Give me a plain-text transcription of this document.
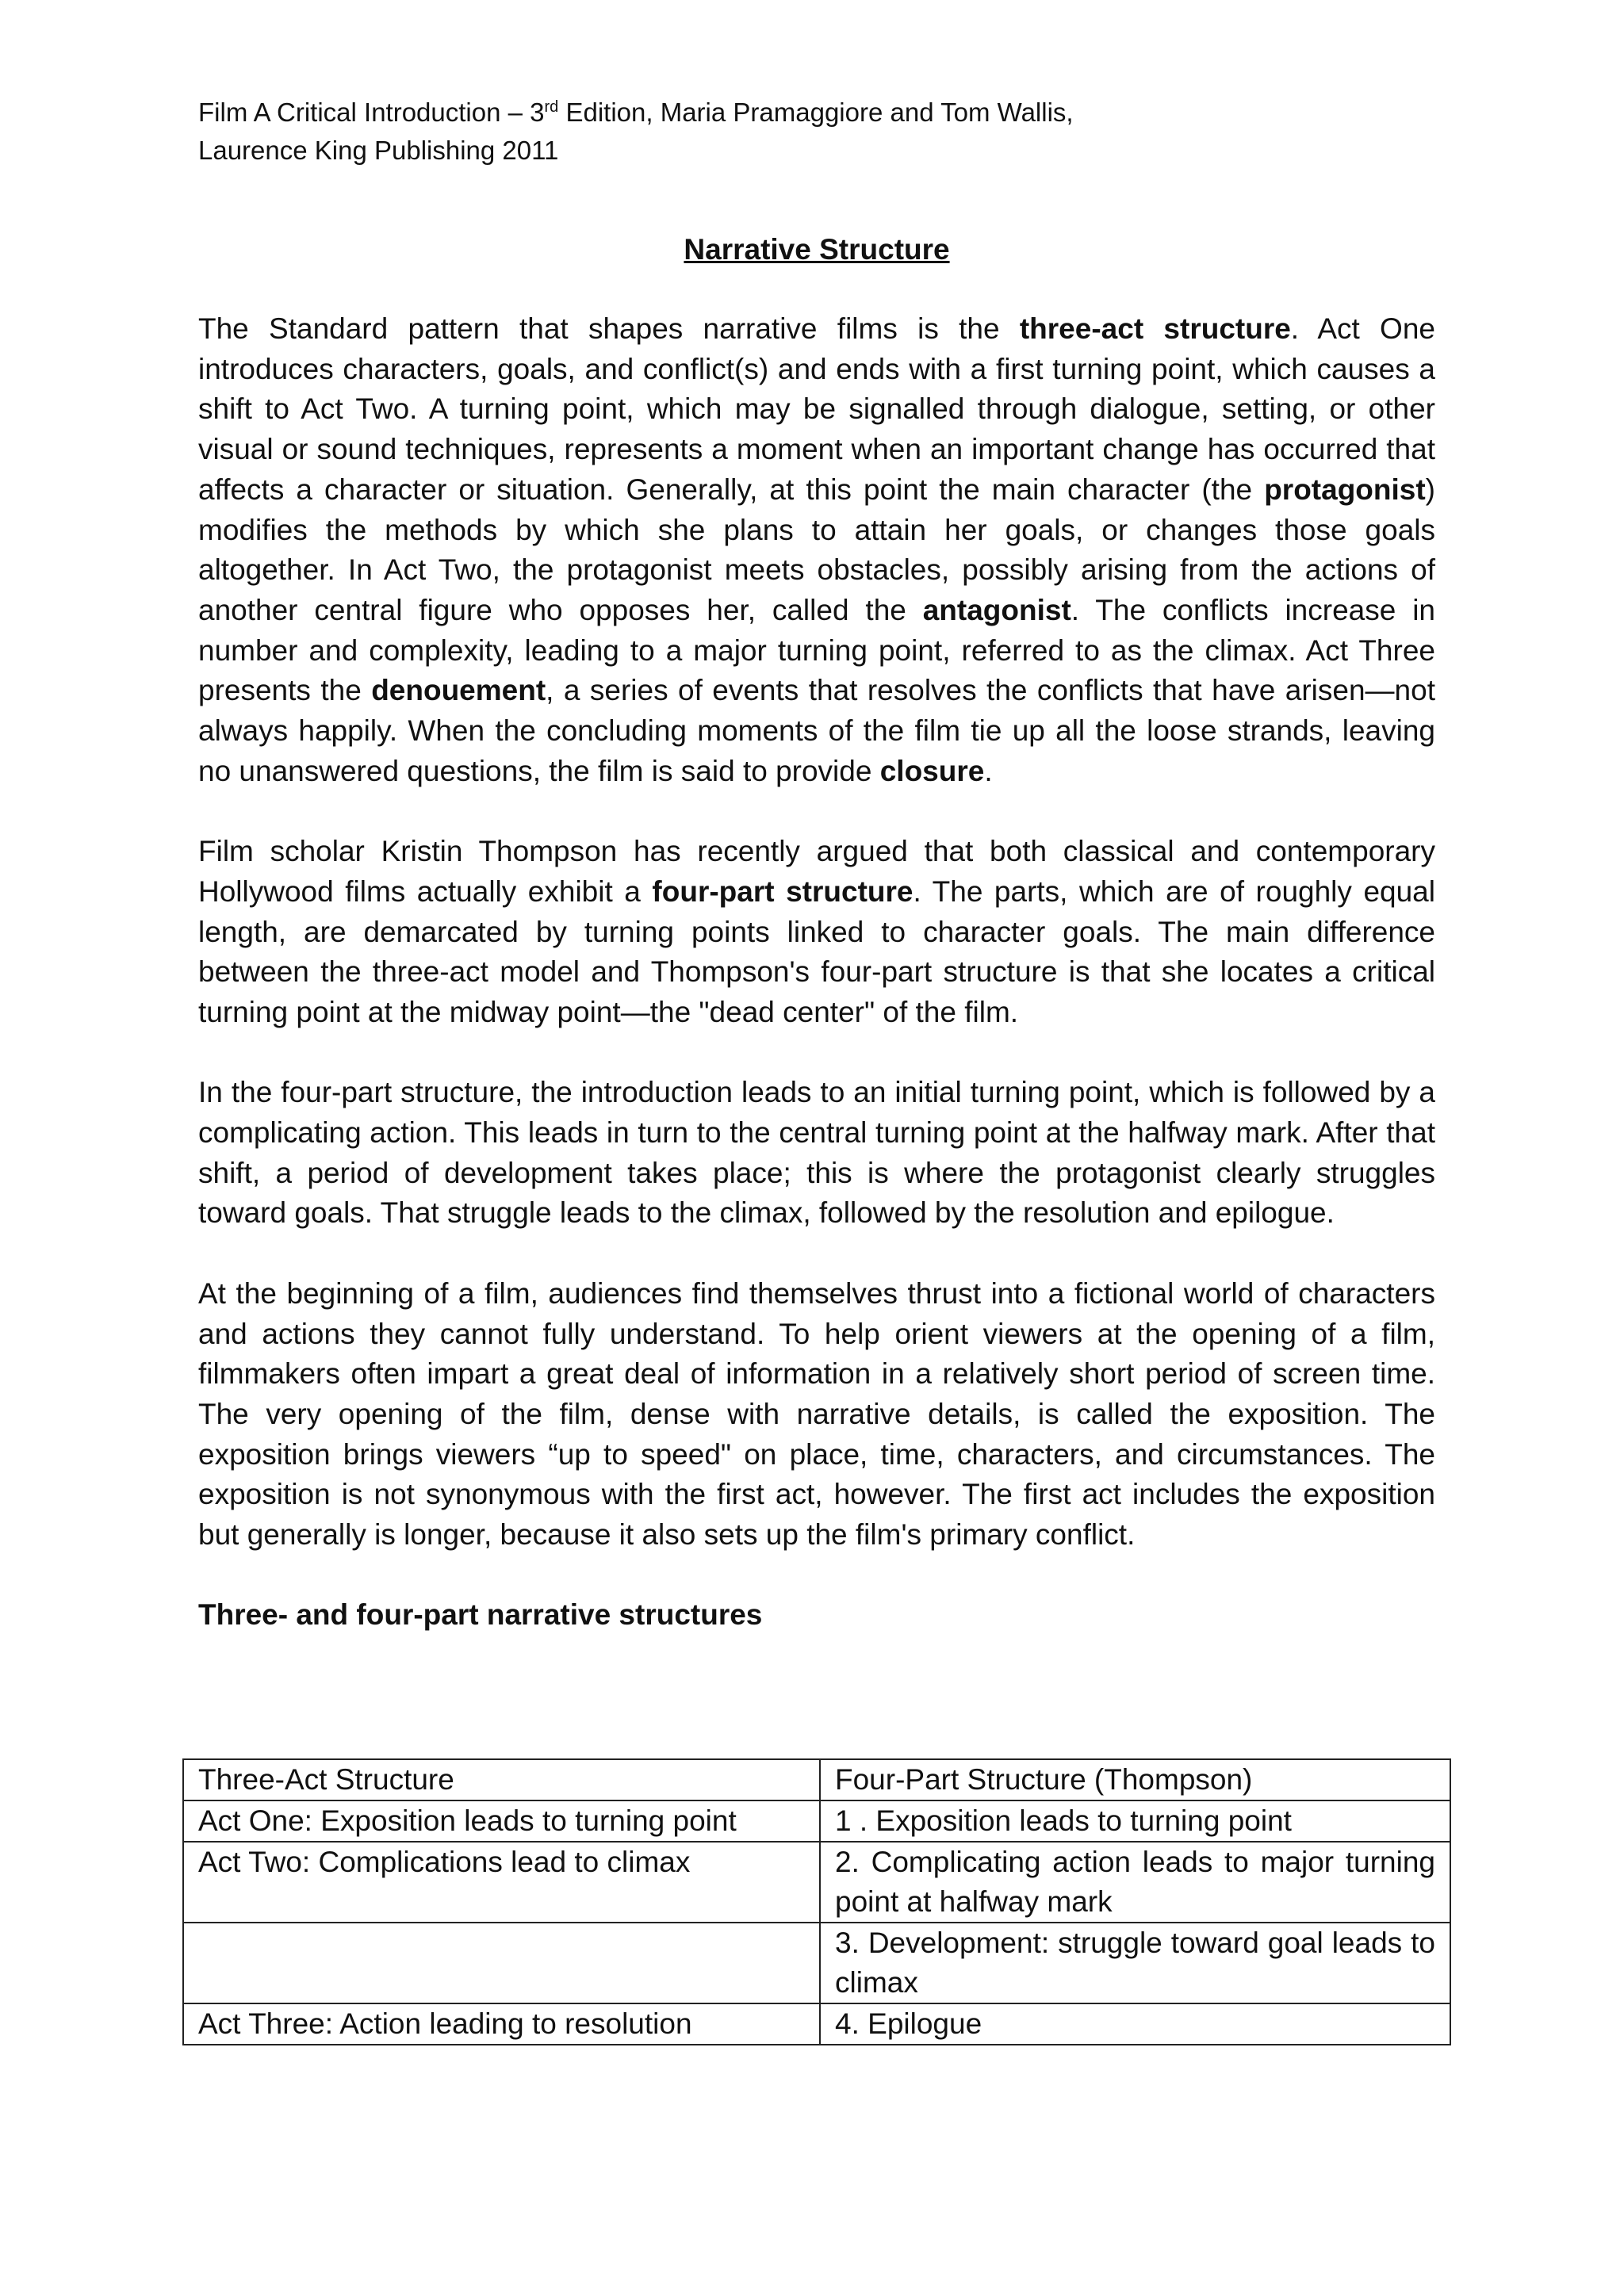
Film A Critical Introduction – 3rd Edition, Maria Pramaggiore and Tom Wallis,
Laurence King Publishing 2011

Narrative Structure

The Standard pattern that shapes narrative films is the three-act structure. Act One introduces characters, goals, and conflict(s) and ends with a first turning point, which causes a shift to Act Two. A turning point, which may be signalled through dialogue, setting, or other visual or sound techniques, represents a moment when an important change has occurred that affects a character or situation. Generally, at this point the main character (the protagonist) modifies the methods by which she plans to attain her goals, or changes those goals altogether. In Act Two, the protagonist meets obstacles, possibly arising from the actions of another central figure who opposes her, called the antagonist. The conflicts increase in number and complexity, leading to a major turning point, referred to as the climax. Act Three presents the denouement, a series of events that resolves the conflicts that have arisen—not always happily. When the concluding moments of the film tie up all the loose strands, leaving no unanswered questions, the film is said to provide closure.

Film scholar Kristin Thompson has recently argued that both classical and contemporary Hollywood films actually exhibit a four-part structure. The parts, which are of roughly equal length, are demarcated by turning points linked to character goals. The main difference between the three-act model and Thompson's four-part structure is that she locates a critical turning point at the midway point—the "dead center" of the film.

In the four-part structure, the introduction leads to an initial turning point, which is followed by a complicating action. This leads in turn to the central turning point at the halfway mark. After that shift, a period of development takes place; this is where the protagonist clearly struggles toward goals. That struggle leads to the climax, followed by the resolution and epilogue.

At the beginning of a film, audiences find themselves thrust into a fictional world of characters and actions they cannot fully understand. To help orient viewers at the opening of a film, filmmakers often impart a great deal of information in a relatively short period of screen time. The very opening of the film, dense with narrative details, is called the exposition. The exposition brings viewers “up to speed" on place, time, characters, and circumstances. The exposition is not synonymous with the first act, however. The first act includes the exposition but generally is longer, because it also sets up the film's primary conflict.

Three- and four-part narrative structures

Three-Act Structure	Four-Part Structure (Thompson)
Act One: Exposition leads to turning point	1 . Exposition leads to turning point
Act Two: Complications lead to climax	2. Complicating action leads to major turning point at halfway mark
	3. Development: struggle toward goal leads to climax
Act Three: Action leading to resolution	4. Epilogue
